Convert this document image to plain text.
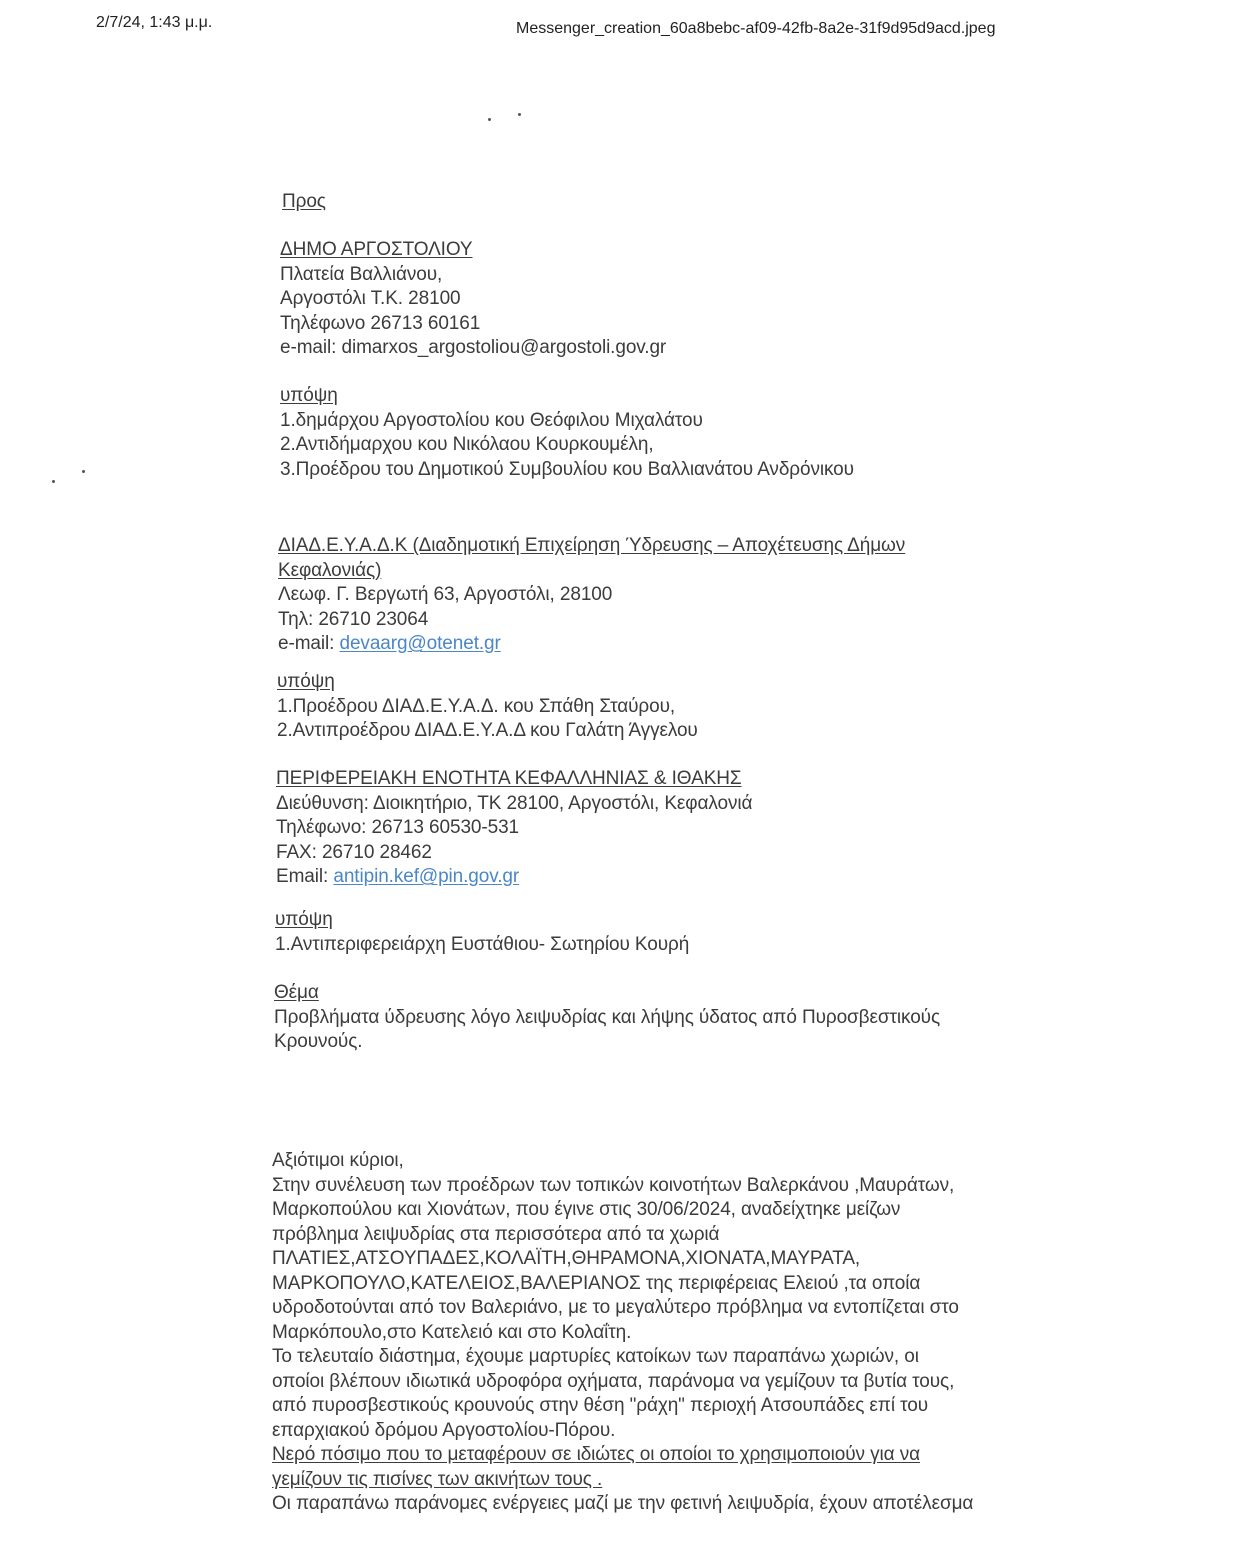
2/7/24, 1:43 μ.μ.	Messenger_creation_60a8bebc-af09-42fb-8a2e-31f9d95d9acd.jpeg
Προς
ΔΗΜΟ ΑΡΓΟΣΤΟΛΙΟΥ
Πλατεία Βαλλιάνου,
Αργοστόλι Τ.Κ. 28100
Τηλέφωνο 26713 60161
e-mail: dimarxos_argostoliou@argostoli.gov.gr
υπόψη
1.δημάρχου Αργοστολίου κου Θεόφιλου Μιχαλάτου
2.Αντιδήμαρχου κου Νικόλαου Κουρκουμέλη,
3.Προέδρου του Δημοτικού Συμβουλίου κου Βαλλιανάτου Ανδρόνικου
ΔΙΑΔ.Ε.Υ.Α.Δ.Κ (Διαδημοτική Επιχείρηση Ύδρευσης – Αποχέτευσης Δήμων
Κεφαλονιάς)
Λεωφ. Γ. Βεργωτή 63, Αργοστόλι, 28100
Τηλ: 26710 23064
e-mail: devaarg@otenet.gr
υπόψη
1.Προέδρου ΔΙΑΔ.Ε.Υ.Α.Δ. κου Σπάθη Σταύρου,
2.Αντιπροέδρου ΔΙΑΔ.Ε.Υ.Α.Δ κου Γαλάτη Άγγελου
ΠΕΡΙΦΕΡΕΙΑΚΗ ΕΝΟΤΗΤΑ ΚΕΦΑΛΛΗΝΙΑΣ & ΙΘΑΚΗΣ
Διεύθυνση: Διοικητήριο, ΤΚ 28100, Αργοστόλι, Κεφαλονιά
Τηλέφωνο: 26713 60530-531
FAX: 26710 28462
Email: antipin.kef@pin.gov.gr
υπόψη
1.Αντιπεριφερειάρχη Ευστάθιου- Σωτηρίου Κουρή
Θέμα
Προβλήματα ύδρευσης λόγο λειψυδρίας και λήψης ύδατος από Πυροσβεστικούς
Κρουνούς.
Αξιότιμοι κύριοι,
Στην συνέλευση των προέδρων των τοπικών κοινοτήτων Βαλερκάνου ,Μαυράτων,
Μαρκοπούλου και Χιονάτων, που έγινε στις 30/06/2024, αναδείχτηκε μείζων
πρόβλημα λειψυδρίας στα περισσότερα από τα χωριά
ΠΛΑΤΙΕΣ,ΑΤΣΟΥΠΑΔΕΣ,ΚΟΛΑΪΤΗ,ΘΗΡΑΜΟΝΑ,ΧΙΟΝΑΤΑ,ΜΑΥΡΑΤΑ,
ΜΑΡΚΟΠΟΥΛΟ,ΚΑΤΕΛΕΙΟΣ,ΒΑΛΕΡΙΑΝΟΣ της περιφέρειας Ελειού ,τα οποία
υδροδοτούνται από τον Βαλεριάνο, με το μεγαλύτερο πρόβλημα να εντοπίζεται στο
Μαρκόπουλο,στο Κατελειό και στο Κολαΐτη.
Το τελευταίο διάστημα, έχουμε μαρτυρίες κατοίκων των παραπάνω χωριών, οι
οποίοι βλέπουν ιδιωτικά υδροφόρα οχήματα, παράνομα να γεμίζουν τα βυτία τους,
από πυροσβεστικούς κρουνούς στην θέση "ράχη" περιοχή Ατσουπάδες επί του
επαρχιακού δρόμου Αργοστολίου-Πόρου.
Νερό πόσιμο που το μεταφέρουν σε ιδιώτες οι οποίοι το χρησιμοποιούν για να
γεμίζουν τις πισίνες των ακινήτων τους .
Οι παραπάνω παράνομες ενέργειες μαζί με την φετινή λειψυδρία, έχουν αποτέλεσμα
